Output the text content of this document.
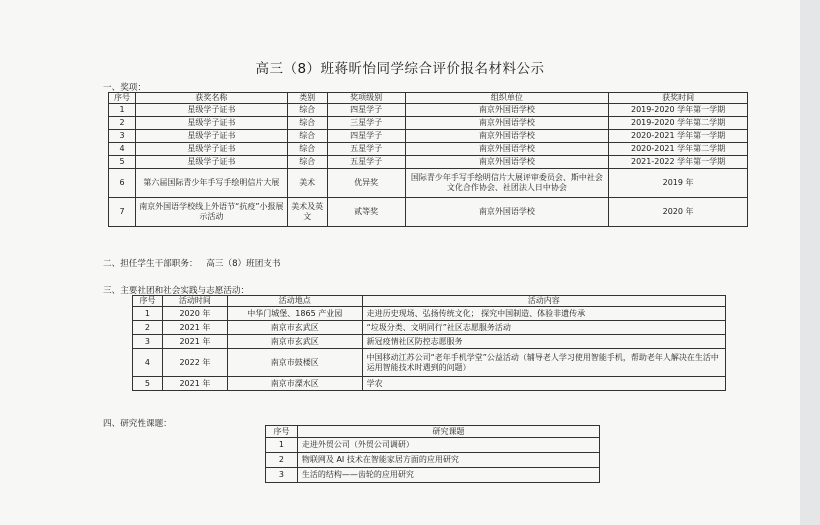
高三（8）班蒋昕怡同学综合评价报名材料公示
一、奖项：
序号	获奖名称	类别	奖项级别	组织单位	获奖时间
1	星级学子证书	综合	四星学子	南京外国语学校	2019-2020 学年第一学期
2	星级学子证书	综合	三星学子	南京外国语学校	2019-2020 学年第二学期
3	星级学子证书	综合	四星学子	南京外国语学校	2020-2021 学年第一学期
4	星级学子证书	综合	五星学子	南京外国语学校	2020-2021 学年第二学期
5	星级学子证书	综合	五星学子	南京外国语学校	2021-2022 学年第一学期
6	第六届国际青少年手写手绘明信片大展	美术	优异奖	国际青少年手写手绘明信片大展评审委员会、斯中社会文化合作协会、社团法人日中协会	2019 年
7	南京外国语学校线上外语节“抗疫”小报展示活动	美术及英文	贰等奖	南京外国语学校	2020 年
二、担任学生干部职务： 高三（8）班团支书
三、主要社团和社会实践与志愿活动：
序号	活动时间	活动地点	活动内容
1	2020 年	中华门城堡、1865 产业园	走进历史现场、弘扬传统文化； 探究中国制造、体验非遗传承
2	2021 年	南京市玄武区	“垃圾分类、文明同行”社区志愿服务活动
3	2021 年	南京市玄武区	新冠疫情社区防控志愿服务
4	2022 年	南京市鼓楼区	中国移动江苏公司“老年手机学堂”公益活动（辅导老人学习使用智能手机，帮助老年人解决在生活中运用智能技术时遇到的问题）
5	2021 年	南京市溧水区	学农
四、研究性课题：
序号	研究课题
1	走进外贸公司（外贸公司调研）
2	物联网及 AI 技术在智能家居方面的应用研究
3	生活的结构——齿轮的应用研究
